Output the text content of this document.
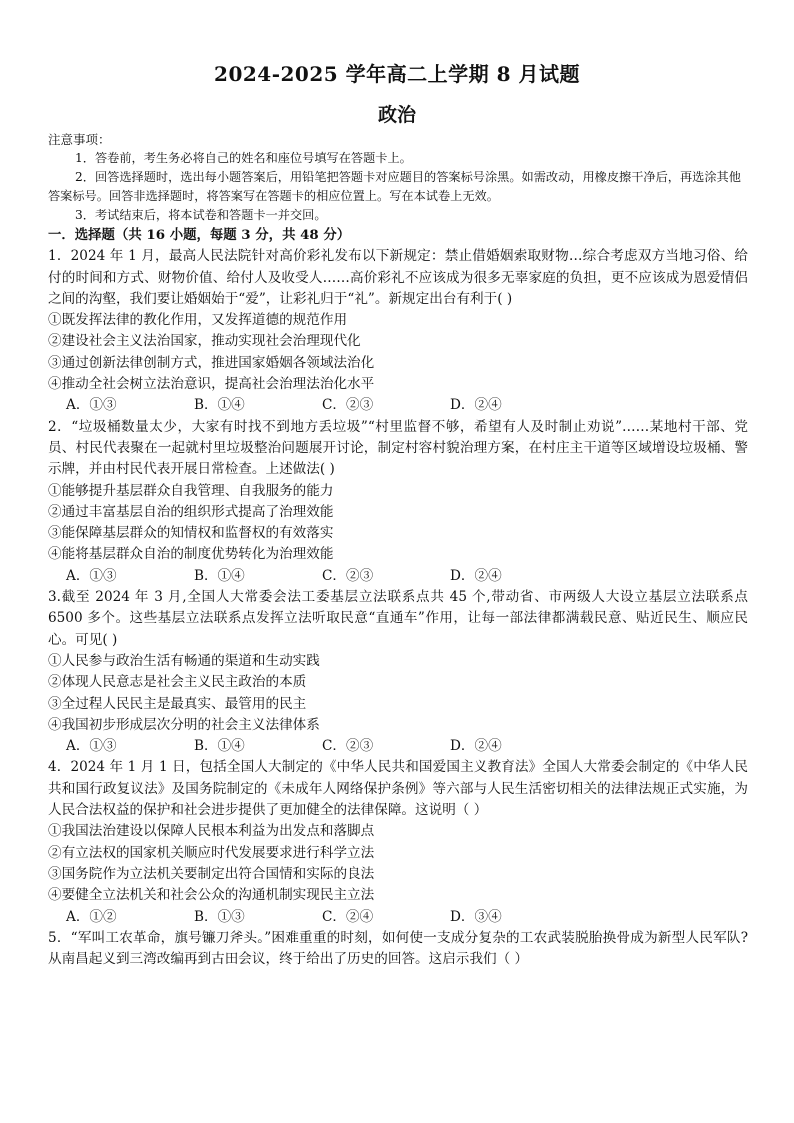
2024-2025 学年高二上学期 8 月试题
政治

注意事项：

1．答卷前，考生务必将自己的姓名和座位号填写在答题卡上。

2．回答选择题时，选出每小题答案后，用铅笔把答题卡对应题目的答案标号涂黑。如需改动，用橡皮擦干净后，再选涂其他答案标号。回答非选择题时，将答案写在答题卡的相应位置上。写在本试卷上无效。

3．考试结束后，将本试卷和答题卡一并交回。

一．选择题（共 16 小题，每题 3 分，共 48 分）

1．2024 年 1 月，最高人民法院针对高价彩礼发布以下新规定：禁止借婚姻索取财物…综合考虑双方当地习俗、给付的时间和方式、财物价值、给付人及收受人……高价彩礼不应该成为很多无辜家庭的负担，更不应该成为恩爱情侣之间的沟壑，我们要让婚姻始于“爱”，让彩礼归于“礼”。新规定出台有利于( )

①既发挥法律的教化作用，又发挥道德的规范作用

②建设社会主义法治国家，推动实现社会治理现代化

③通过创新法律创制方式，推进国家婚姻各领域法治化

④推动全社会树立法治意识，提高社会治理法治化水平

A．①③	B．①④	C．②③	D．②④

2．“垃圾桶数量太少，大家有时找不到地方丢垃圾”“村里监督不够，希望有人及时制止劝说”……某地村干部、党员、村民代表聚在一起就村里垃圾整治问题展开讨论，制定村容村貌治理方案，在村庄主干道等区域增设垃圾桶、警示牌，并由村民代表开展日常检查。上述做法( )

①能够提升基层群众自我管理、自我服务的能力

②通过丰富基层自治的组织形式提高了治理效能

③能保障基层群众的知情权和监督权的有效落实

④能将基层群众自治的制度优势转化为治理效能

A．①③	B．①④	C．②③	D．②④

3.截至 2024 年 3 月,全国人大常委会法工委基层立法联系点共 45 个,带动省、市两级人大设立基层立法联系点 6500 多个。这些基层立法联系点发挥立法听取民意“直通车”作用，让每一部法律都满载民意、贴近民生、顺应民心。可见( )

①人民参与政治生活有畅通的渠道和生动实践

②体现人民意志是社会主义民主政治的本质

③全过程人民民主是最真实、最管用的民主

④我国初步形成层次分明的社会主义法律体系

A．①③	B．①④	C．②③	D．②④

4．2024 年 1 月 1 日，包括全国人大制定的《中华人民共和国爱国主义教育法》全国人大常委会制定的《中华人民共和国行政复议法》及国务院制定的《未成年人网络保护条例》等六部与人民生活密切相关的法律法规正式实施，为人民合法权益的保护和社会进步提供了更加健全的法律保障。这说明（ ）

①我国法治建设以保障人民根本利益为出发点和落脚点

②有立法权的国家机关顺应时代发展要求进行科学立法

③国务院作为立法机关要制定出符合国情和实际的良法

④要健全立法机关和社会公众的沟通机制实现民主立法

A．①②	B．①③	C．②④	D．③④

5．“军叫工农革命，旗号镰刀斧头。”困难重重的时刻，如何使一支成分复杂的工农武装脱胎换骨成为新型人民军队?从南昌起义到三湾改编再到古田会议，终于给出了历史的回答。这启示我们（ ）
